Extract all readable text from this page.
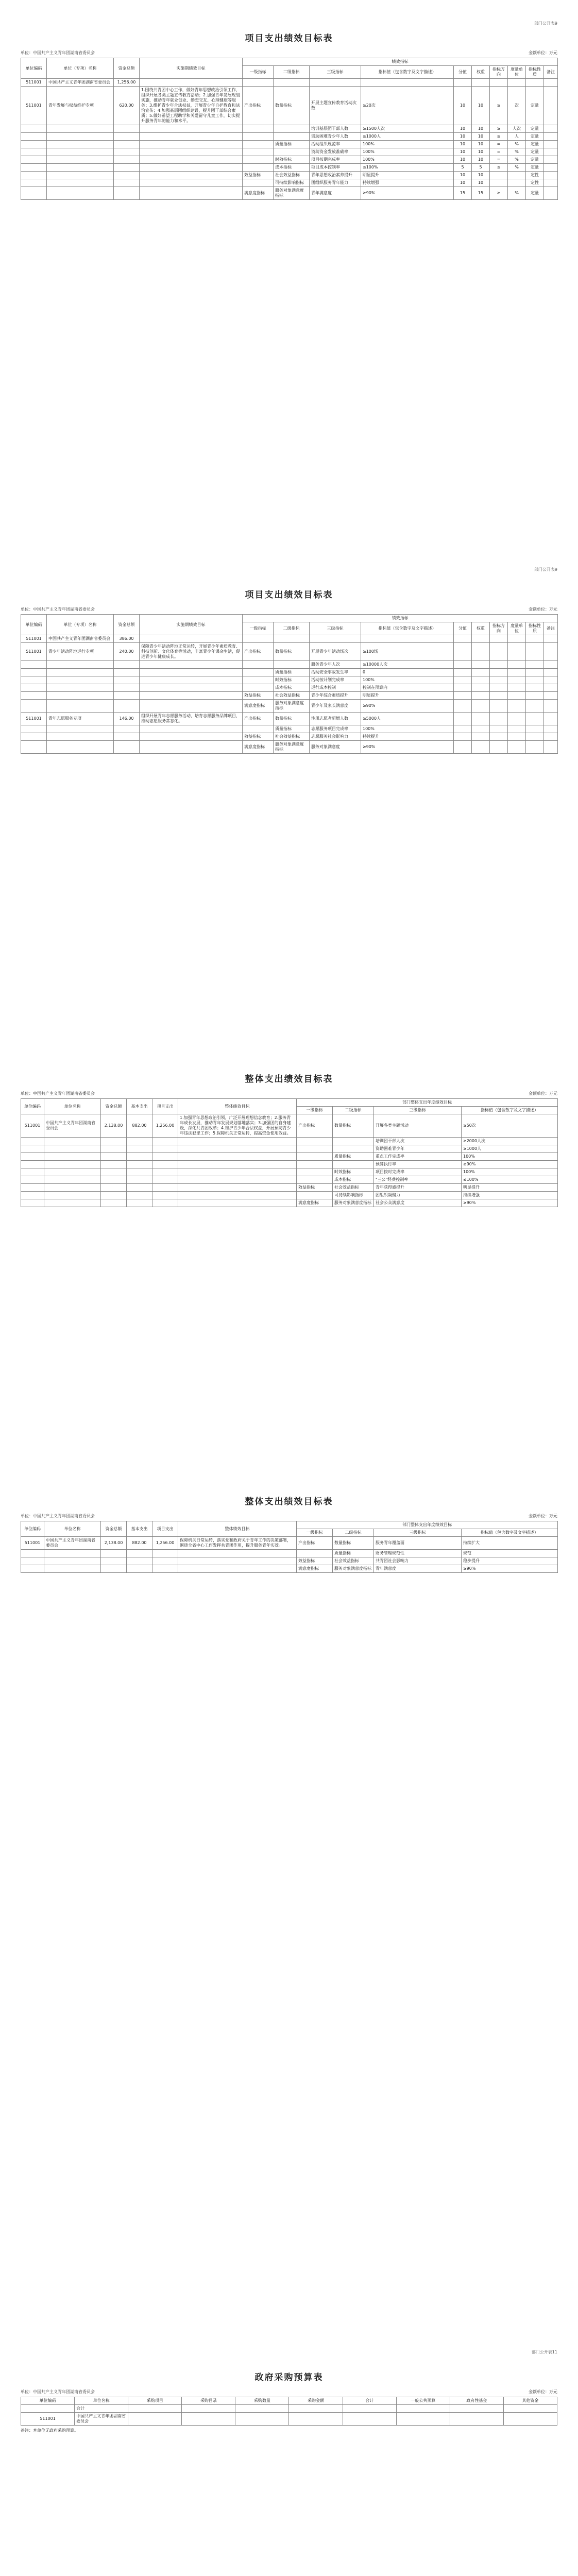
部门公开表9
项目支出绩效目标表
单位：中国共产主义青年团湖南省委员会	金额单位：万元
单位编码	单位（专项）名称	资金总额	实施期绩效目标	绩效指标									
				一级指标	二级指标	三级指标	指标值（包含数字及文字描述）	分值	权重	指标方向	度量单位	指标性质	备注
511001	中国共产主义青年团湖南省委员会	1,256.00											
511001	青年发展与权益维护专项	620.00	1.围绕共青团中心工作，做好青年思想政治引领工作，组织开展各类主题宣传教育活动；2.加强青年发展规划实施，推动青年就业创业、婚恋交友、心理健康等服务；3.维护青少年合法权益，开展青少年自护教育和法治宣传；4.加强基层团组织建设，提升团干部综合素质；5.做好希望工程助学和关爱留守儿童工作，切实提升服务青年的能力和水平。	产出指标	数量指标	开展主题宣传教育活动次数	≥20次	10	10	≥	次	定量	
						培训基层团干部人数	≥1500人次	10	10	≥	人次	定量	
						资助困难青少年人数	≥1000人	10	10	≥	人	定量	
					质量指标	活动组织规范率	100%	10	10	=	%	定量	
						资助资金发放准确率	100%	10	10	=	%	定量	
					时效指标	项目按期完成率	100%	10	10	=	%	定量	
					成本指标	项目成本控制率	≤100%	5	5	≤	%	定量	
				效益指标	社会效益指标	青年思想政治素养提升	明显提升	10	10			定性	
					可持续影响指标	团组织服务青年能力	持续增强	10	10			定性	
				满意度指标	服务对象满意度指标	青年满意度	≥90%	15	15	≥	%	定量	
部门公开表9
项目支出绩效目标表
单位：中国共产主义青年团湖南省委员会	金额单位：万元
单位编码	单位（专项）名称	资金总额	实施期绩效目标	绩效指标									
				一级指标	二级指标	三级指标	指标值（包含数字及文字描述）	分值	权重	指标方向	度量单位	指标性质	备注
511001	中国共产主义青年团湖南省委员会	386.00											
511001	青少年活动阵地运行专项	240.00	保障青少年活动阵地正常运转，开展青少年素质教育、科技创新、文化体育等活动，丰富青少年课余生活，促进青少年健康成长。	产出指标	数量指标	开展青少年活动场次	≥100场						
						服务青少年人次	≥10000人次						
					质量指标	活动安全事故发生率	0						
					时效指标	活动按计划完成率	100%						
					成本指标	运行成本控制	控制在预算内						
				效益指标	社会效益指标	青少年综合素质提升	明显提升						
				满意度指标	服务对象满意度指标	青少年及家长满意度	≥90%						
511001	青年志愿服务专项	146.00	组织开展青年志愿服务活动，培育志愿服务品牌项目，推动志愿服务常态化。	产出指标	数量指标	注册志愿者新增人数	≥5000人						
					质量指标	志愿服务项目完成率	100%						
				效益指标	社会效益指标	志愿服务社会影响力	持续提升						
				满意度指标	服务对象满意度指标	服务对象满意度	≥90%						
整体支出绩效目标表
单位：中国共产主义青年团湖南省委员会	金额单位：万元
单位编码	单位名称	资金总额	基本支出	项目支出	整体绩效目标	部门整体支出年度绩效目标			
						一级指标	二级指标	三级指标	指标值（包含数字及文字描述）
511001	中国共产主义青年团湖南省委员会	2,138.00	882.00	1,256.00	1.加强青年思想政治引领，广泛开展理想信念教育；2.服务青年成长发展，推动青年发展规划落地落实；3.加强团的自身建设，深化共青团改革；4.维护青少年合法权益，开展预防青少年违法犯罪工作；5.保障机关正常运转，提高资金使用效益。	产出指标	数量指标	开展各类主题活动	≥50次
								培训团干部人次	≥2000人次
								资助困难青少年	≥1000人
							质量指标	重点工作完成率	100%
								预算执行率	≥90%
							时效指标	项目按时完成率	100%
							成本指标	"三公"经费控制率	≤100%
						效益指标	社会效益指标	青年获得感提升	明显提升
							可持续影响指标	团组织凝聚力	持续增强
						满意度指标	服务对象满意度指标	社会公众满意度	≥90%
整体支出绩效目标表
单位：中国共产主义青年团湖南省委员会	金额单位：万元
单位编码	单位名称	资金总额	基本支出	项目支出	整体绩效目标	部门整体支出年度绩效目标			
						一级指标	二级指标	三级指标	指标值（包含数字及文字描述）
511001	中国共产主义青年团湖南省委员会	2,138.00	882.00	1,256.00	保障机关日常运转，落实党和政府关于青年工作的决策部署，围绕全省中心工作发挥共青团作用，提升服务青年实效。	产出指标	数量指标	服务青年覆盖面	持续扩大
							质量指标	财务管理规范性	规范
						效益指标	社会效益指标	共青团社会影响力	稳步提升
						满意度指标	服务对象满意度指标	青年满意度	≥90%
部门公开表11
政府采购预算表
单位：中国共产主义青年团湖南省委员会	金额单位：万元
单位编码	单位名称	采购项目	采购目录	采购数量	采购金额	合计	一般公共预算	政府性基金	其他资金
	合计								
511001	中国共产主义青年团湖南省委员会								
备注：本单位无政府采购预算。
